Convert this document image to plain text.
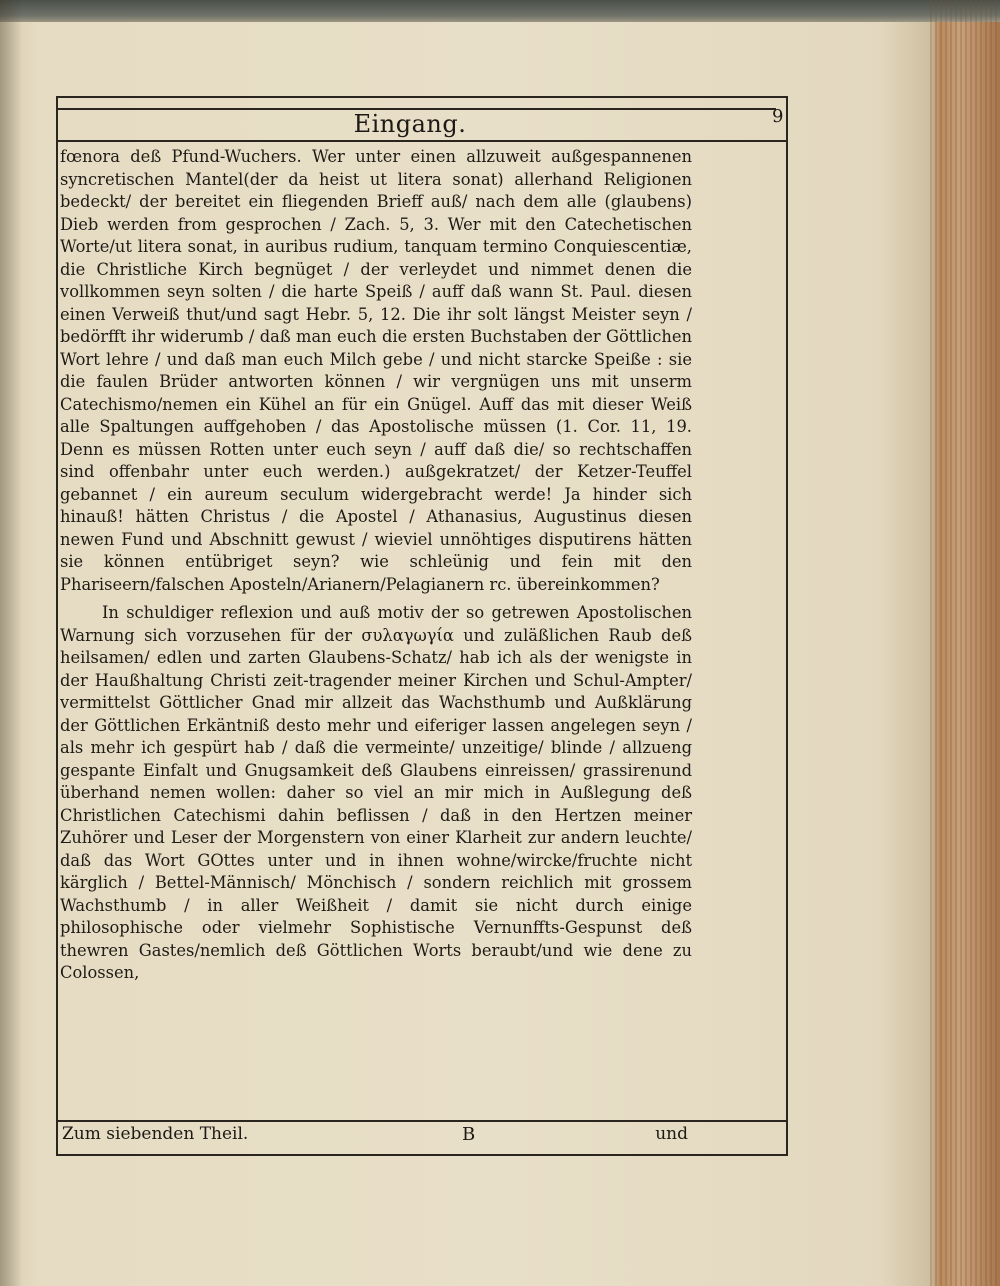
Eingang.	9

fœnora deß Pfund-Wuchers. Wer unter einen allzuweit außgespannenen syncretischen Mantel(der da heist ut litera sonat) allerhand Religionen bedeckt/ der bereitet ein fliegenden Brieff auß/ nach dem alle (glaubens) Dieb werden from gesprochen / Zach. 5, 3. Wer mit den Catechetischen Worte/ut litera sonat, in auribus rudium, tanquam termino Conquiescentiæ, die Christliche Kirch begnüget / der verleydet und nimmet denen die vollkommen seyn solten / die harte Speiß / auff daß wann St. Paul. diesen einen Verweiß thut/und sagt Hebr. 5, 12. Die ihr solt längst Meister seyn / bedörfft ihr widerumb / daß man euch die ersten Buchstaben der Göttlichen Wort lehre / und daß man euch Milch gebe / und nicht starcke Speiße : sie die faulen Brüder antworten können / wir vergnügen uns mit unserm Catechismo/nemen ein Kühel an für ein Gnügel. Auff das mit dieser Weiß alle Spaltungen auffgehoben / das Apostolische müssen (1. Cor. 11, 19. Denn es müssen Rotten unter euch seyn / auff daß die/ so rechtschaffen sind offenbahr unter euch werden.) außgekratzet/ der Ketzer-Teuffel gebannet / ein aureum seculum widergebracht werde! Ja hinder sich hinauß! hätten Christus / die Apostel / Athanasius, Augustinus diesen newen Fund und Abschnitt gewust / wieviel unnöhtiges disputirens hätten sie können entübriget seyn? wie schleünig und fein mit den Phariseern/falschen Aposteln/Arianern/Pelagianern rc. übereinkommen?

In schuldiger reflexion und auß motiv der so getrewen Apostolischen Warnung sich vorzusehen für der συλαγωγία und zuläßlichen Raub deß heilsamen/ edlen und zarten Glaubens-Schatz/ hab ich als der wenigste in der Haußhaltung Christi zeit-tragender meiner Kirchen und Schul-Ampter/ vermittelst Göttlicher Gnad mir allzeit das Wachsthumb und Außklärung der Göttlichen Erkäntniß desto mehr und eiferiger lassen angelegen seyn / als mehr ich gespürt hab / daß die vermeinte/ unzeitige/ blinde / allzueng gespante Einfalt und Gnugsamkeit deß Glaubens einreissen/ grassirenund überhand nemen wollen: daher so viel an mir mich in Außlegung deß Christlichen Catechismi dahin beflissen / daß in den Hertzen meiner Zuhörer und Leser der Morgenstern von einer Klarheit zur andern leuchte/ daß das Wort GOttes unter und in ihnen wohne/wircke/fruchte nicht kärglich / Bettel-Männisch/ Mönchisch / sondern reichlich mit grossem Wachsthumb / in aller Weißheit / damit sie nicht durch einige philosophische oder vielmehr Sophistische Vernunffts-Gespunst deß thewren Gastes/nemlich deß Göttlichen Worts beraubt/und wie dene zu Colossen,

Zum siebenden Theil.	B	und
